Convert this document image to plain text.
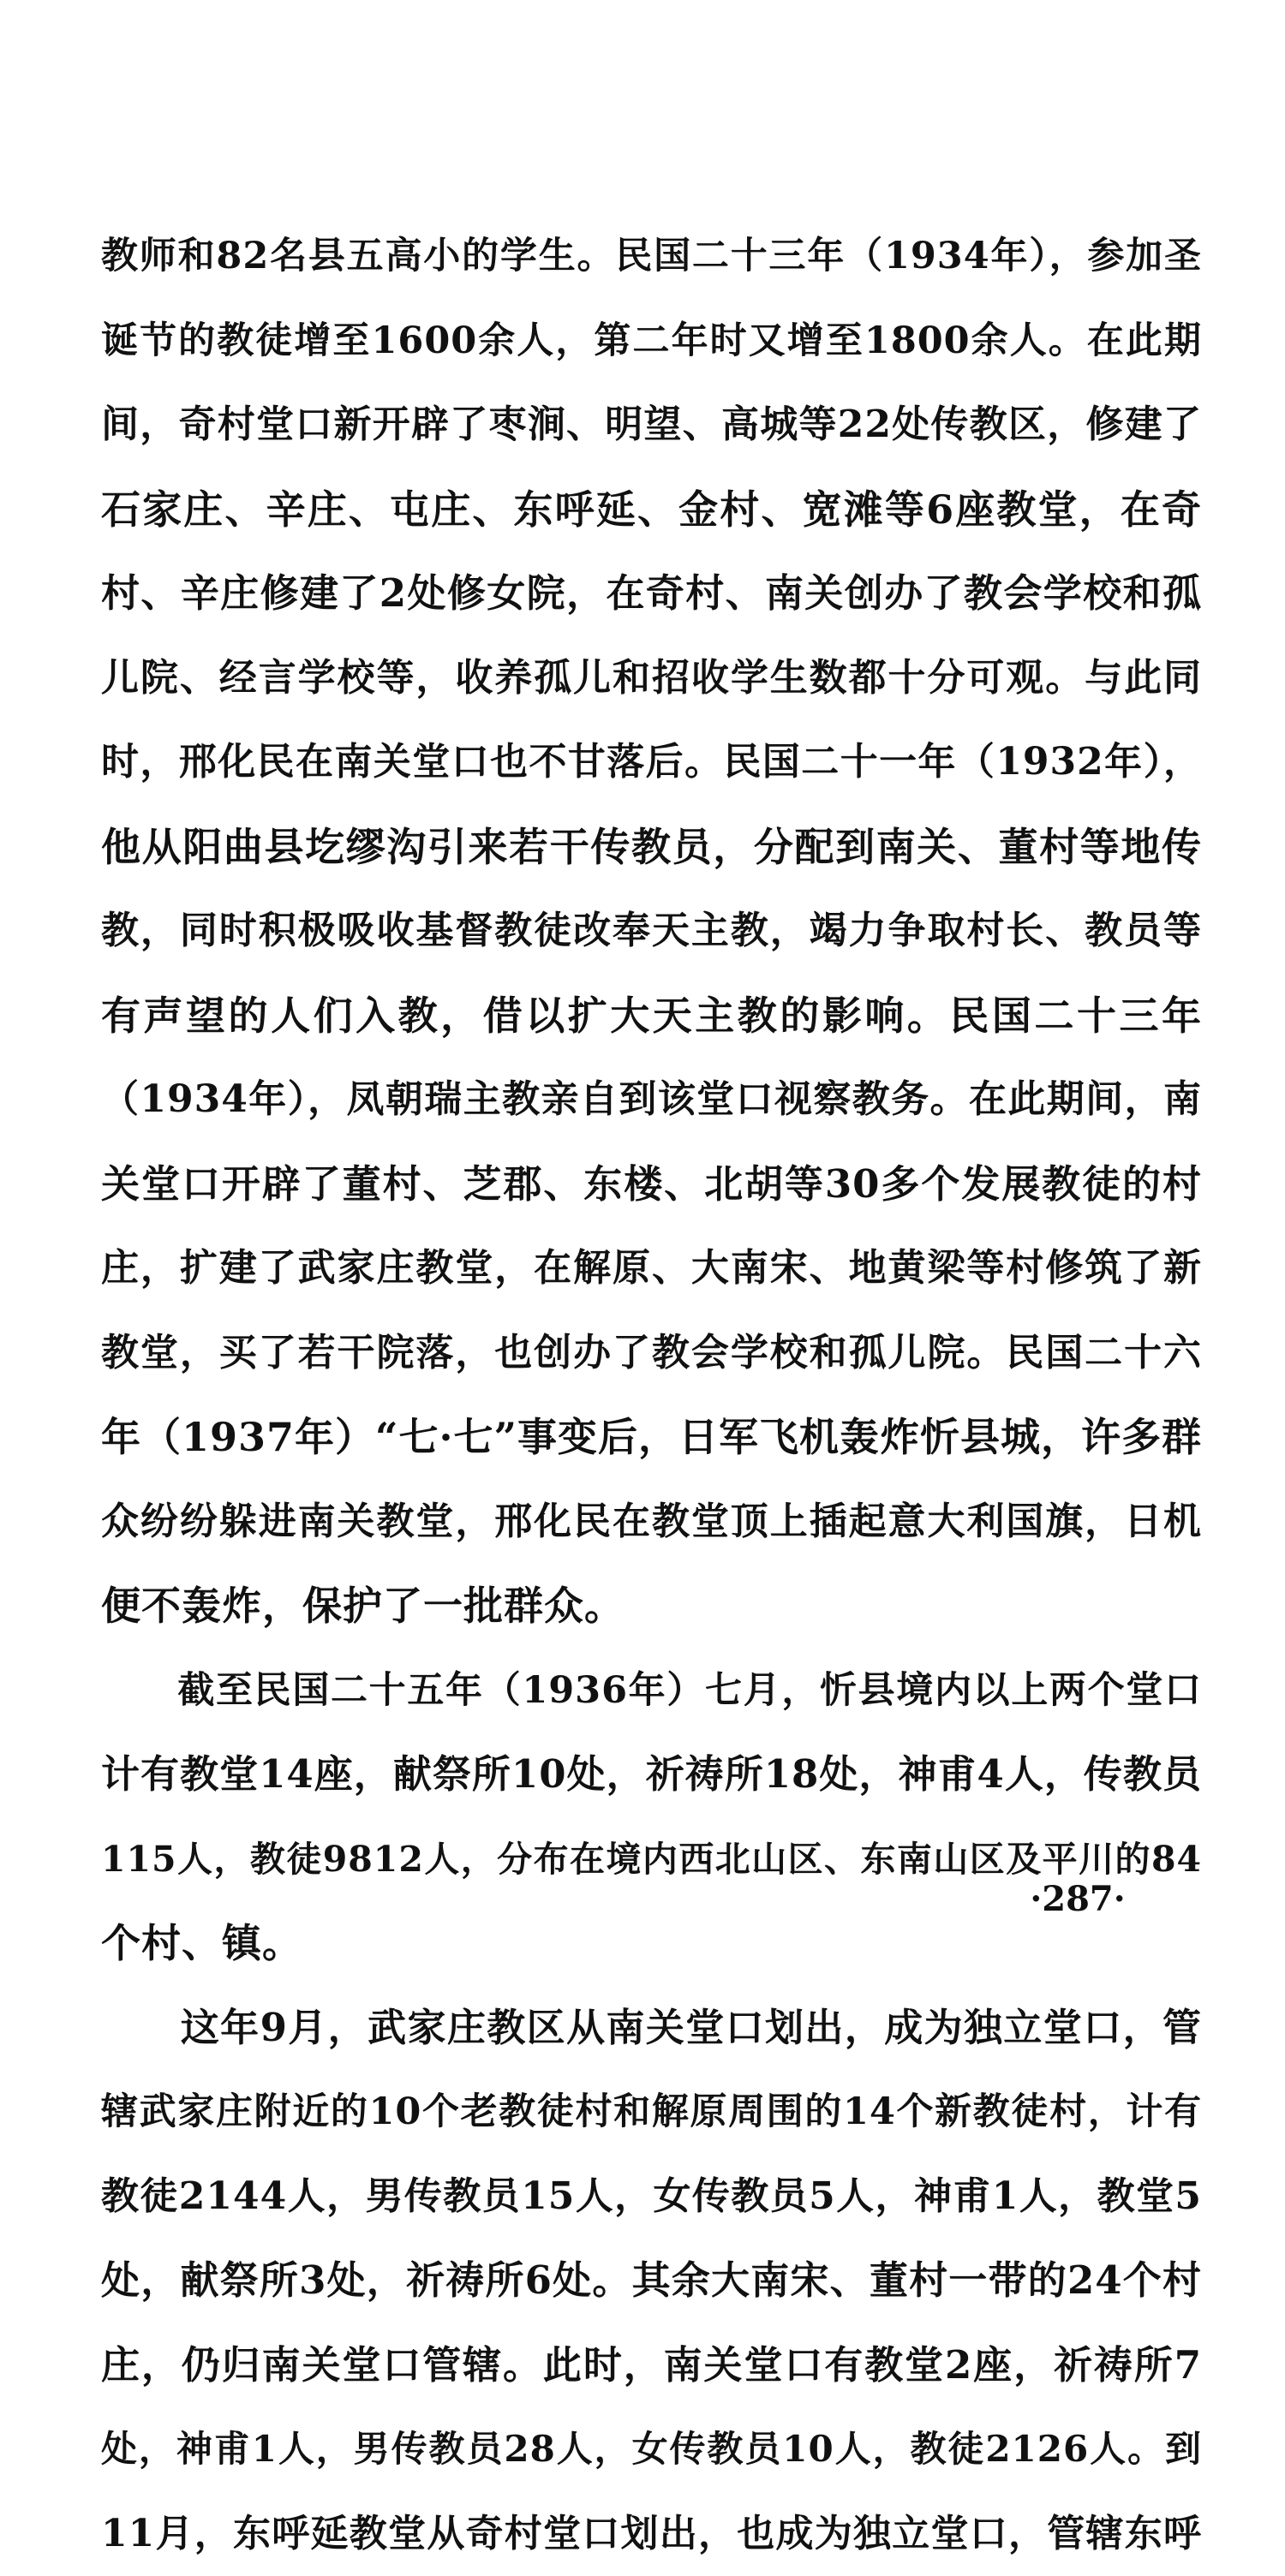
教师和82名县五高小的学生。民国二十三年（1934年），参加圣
诞节的教徒增至1600余人，第二年时又增至1800余人。在此期
间，奇村堂口新开辟了枣涧、明望、高城等22处传教区，修建了
石家庄、辛庄、屯庄、东呼延、金村、宽滩等6座教堂，在奇
村、辛庄修建了2处修女院，在奇村、南关创办了教会学校和孤
儿院、经言学校等，收养孤儿和招收学生数都十分可观。与此同
时，邢化民在南关堂口也不甘落后。民国二十一年（1932年），
他从阳曲县圪缪沟引来若干传教员，分配到南关、董村等地传
教，同时积极吸收基督教徒改奉天主教，竭力争取村长、教员等
有声望的人们入教，借以扩大天主教的影响。民国二十三年
（1934年），凤朝瑞主教亲自到该堂口视察教务。在此期间，南
关堂口开辟了董村、芝郡、东楼、北胡等30多个发展教徒的村
庄，扩建了武家庄教堂，在解原、大南宋、地黄梁等村修筑了新
教堂，买了若干院落，也创办了教会学校和孤儿院。民国二十六
年（1937年）“七·七”事变后，日军飞机轰炸忻县城，许多群
众纷纷躲进南关教堂，邢化民在教堂顶上插起意大利国旗，日机
便不轰炸，保护了一批群众。
　　截至民国二十五年（1936年）七月，忻县境内以上两个堂口
计有教堂14座，献祭所10处，祈祷所18处，神甫4人，传教员
115人，教徒9812人，分布在境内西北山区、东南山区及平川的84
个村、镇。
　　这年9月，武家庄教区从南关堂口划出，成为独立堂口，管
辖武家庄附近的10个老教徒村和解原周围的14个新教徒村，计有
教徒2144人，男传教员15人，女传教员5人，神甫1人，教堂5
处，献祭所3处，祈祷所6处。其余大南宋、董村一带的24个村
庄，仍归南关堂口管辖。此时，南关堂口有教堂2座，祈祷所7
处，神甫1人，男传教员28人，女传教员10人，教徒2126人。到
11月，东呼延教堂从奇村堂口划出，也成为独立堂口，管辖东呼
·287·
